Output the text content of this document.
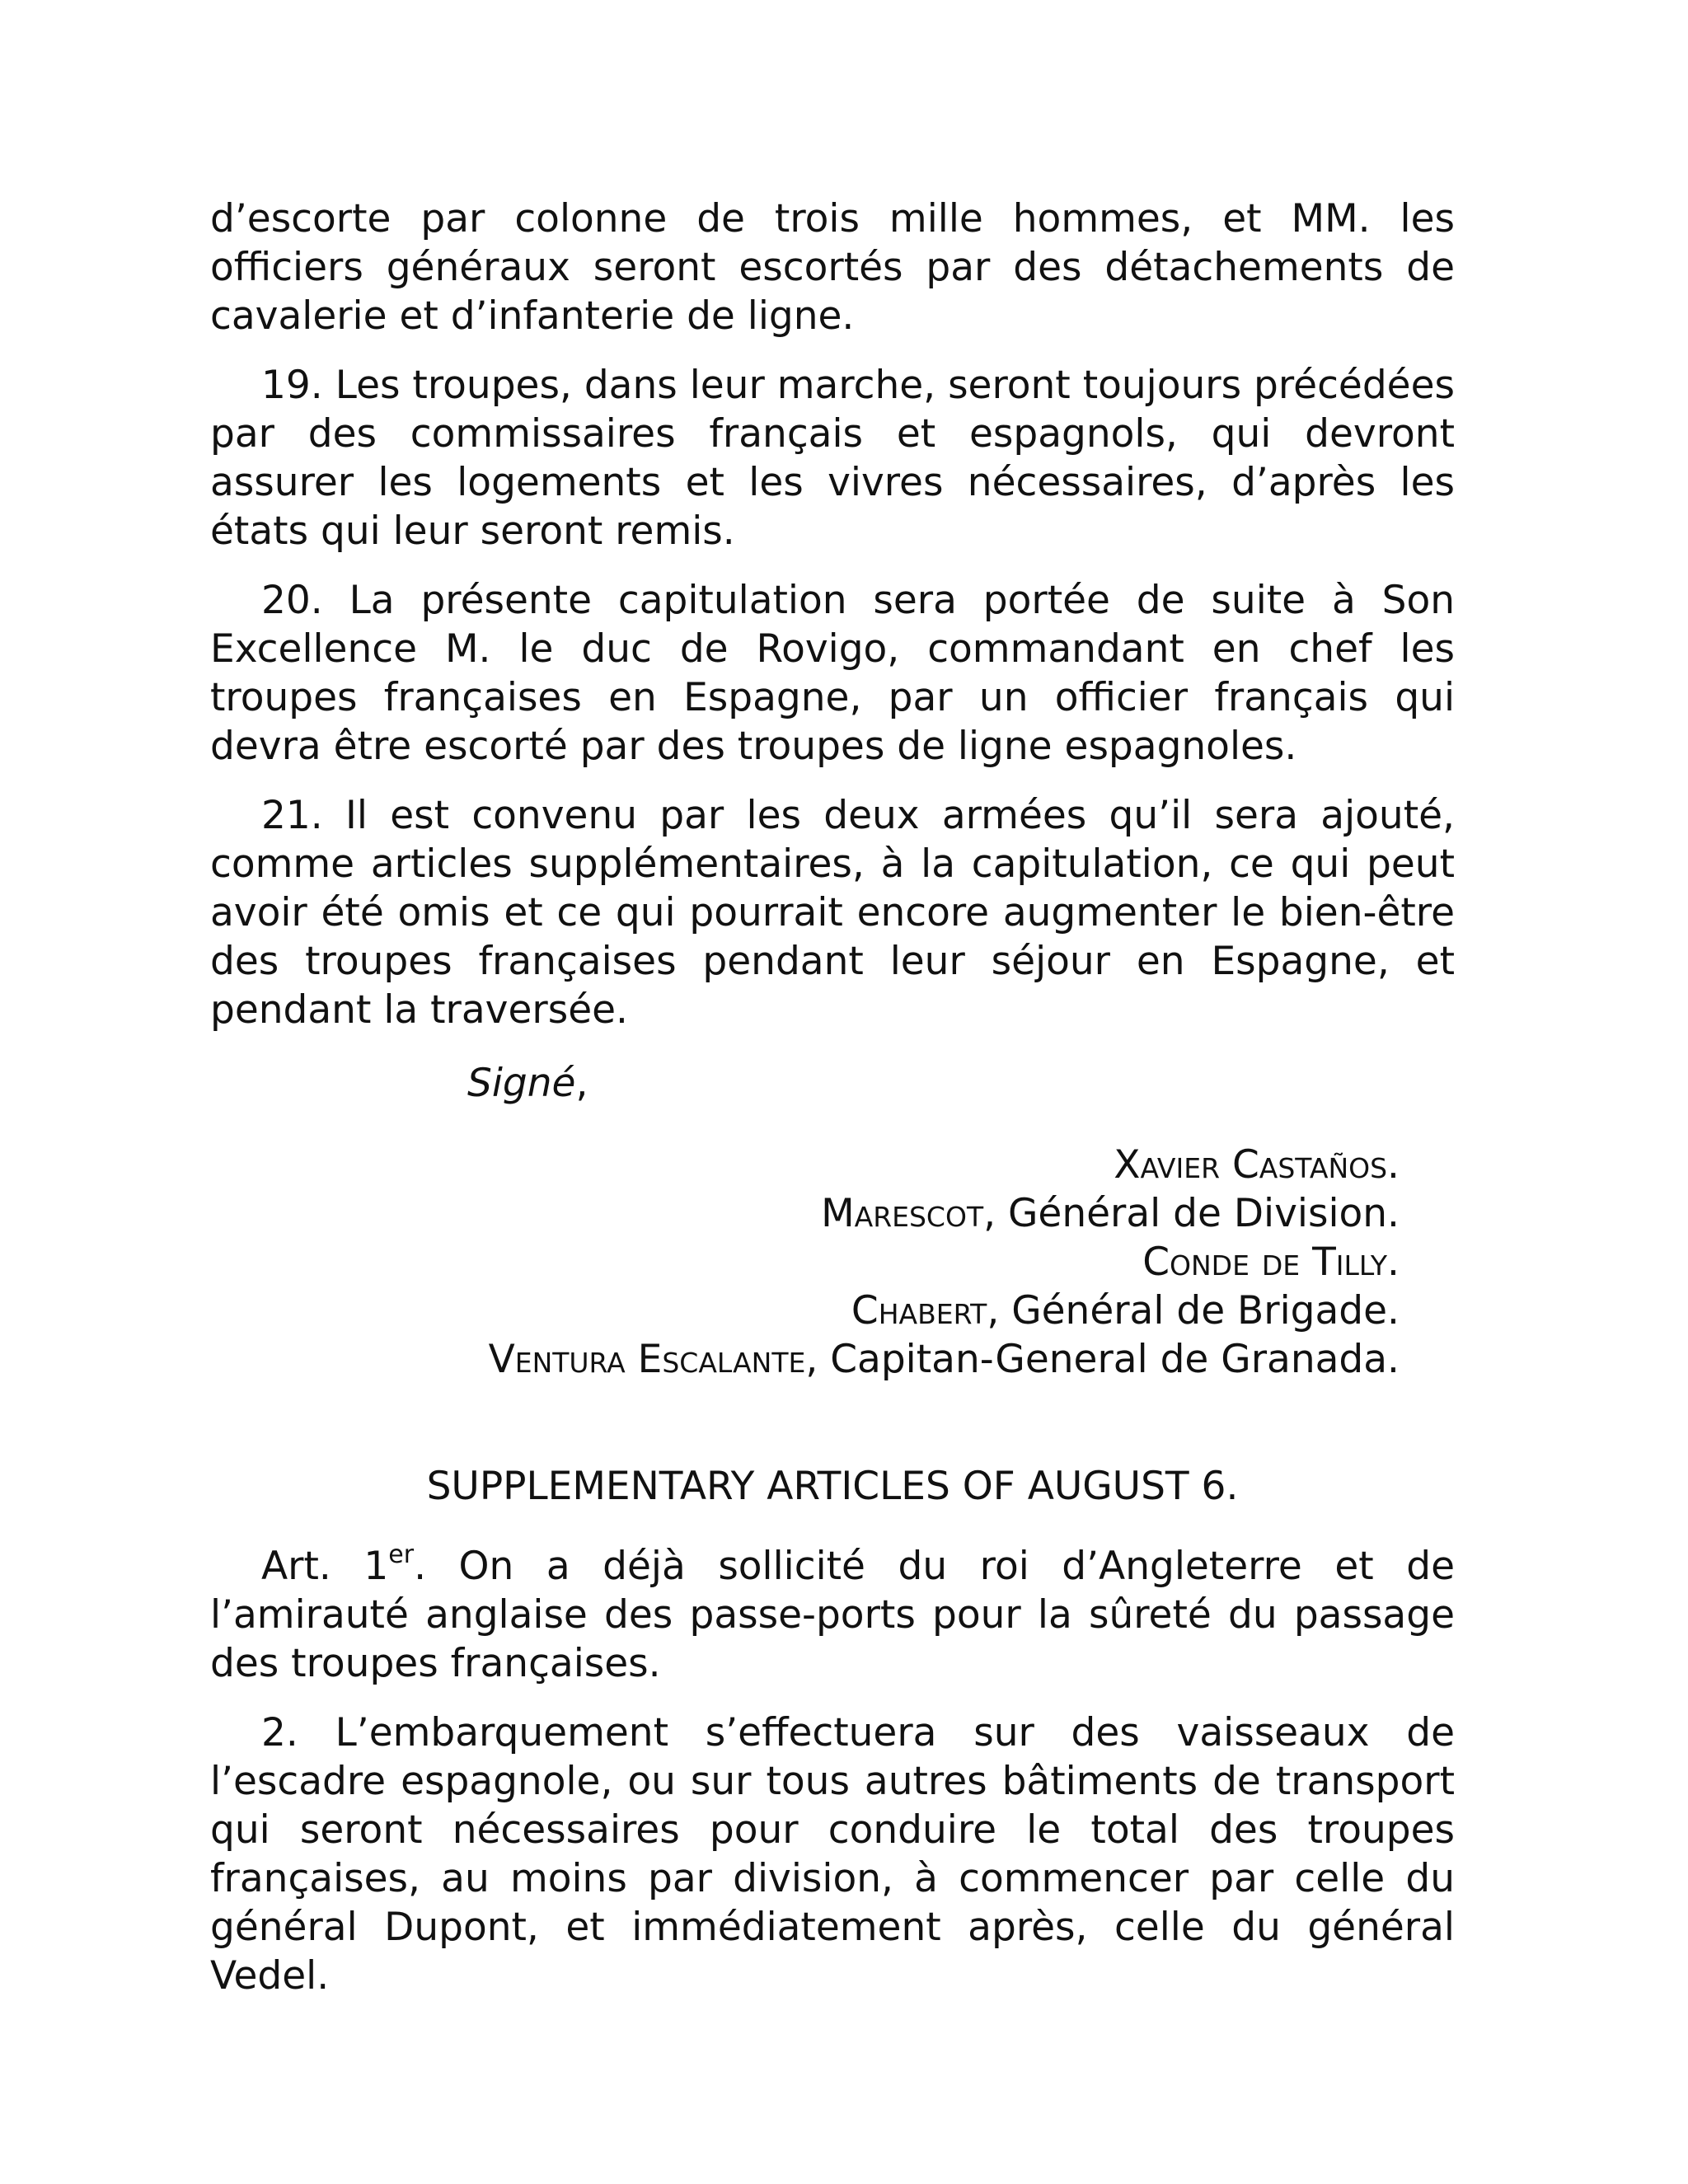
d’escorte par colonne de trois mille hommes, et MM. les officiers généraux seront escortés par des détachements de cavalerie et d’infanterie de ligne.

19. Les troupes, dans leur marche, seront toujours précédées par des commissaires français et espagnols, qui devront assurer les logements et les vivres nécessaires, d’après les états qui leur seront remis.

20. La présente capitulation sera portée de suite à Son Excellence M. le duc de Rovigo, commandant en chef les troupes françaises en Espagne, par un officier français qui devra être escorté par des troupes de ligne espagnoles.

21. Il est convenu par les deux armées qu’il sera ajouté, comme articles supplémentaires, à la capitulation, ce qui peut avoir été omis et ce qui pourrait encore augmenter le bien-être des troupes françaises pendant leur séjour en Espagne, et pendant la traversée.

Signé,

Xavier Castaños.

Marescot, Général de Division.

Conde de Tilly.

Chabert, Général de Brigade.

Ventura Escalante, Capitan-General de Granada.

SUPPLEMENTARY ARTICLES OF AUGUST 6.

Art. 1er. On a déjà sollicité du roi d’Angleterre et de l’amirauté anglaise des passe-ports pour la sûreté du passage des troupes françaises.

2. L’embarquement s’effectuera sur des vaisseaux de l’escadre espagnole, ou sur tous autres bâtiments de transport qui seront nécessaires pour conduire le total des troupes françaises, au moins par division, à commencer par celle du général Dupont, et immédiatement après, celle du général Vedel.
